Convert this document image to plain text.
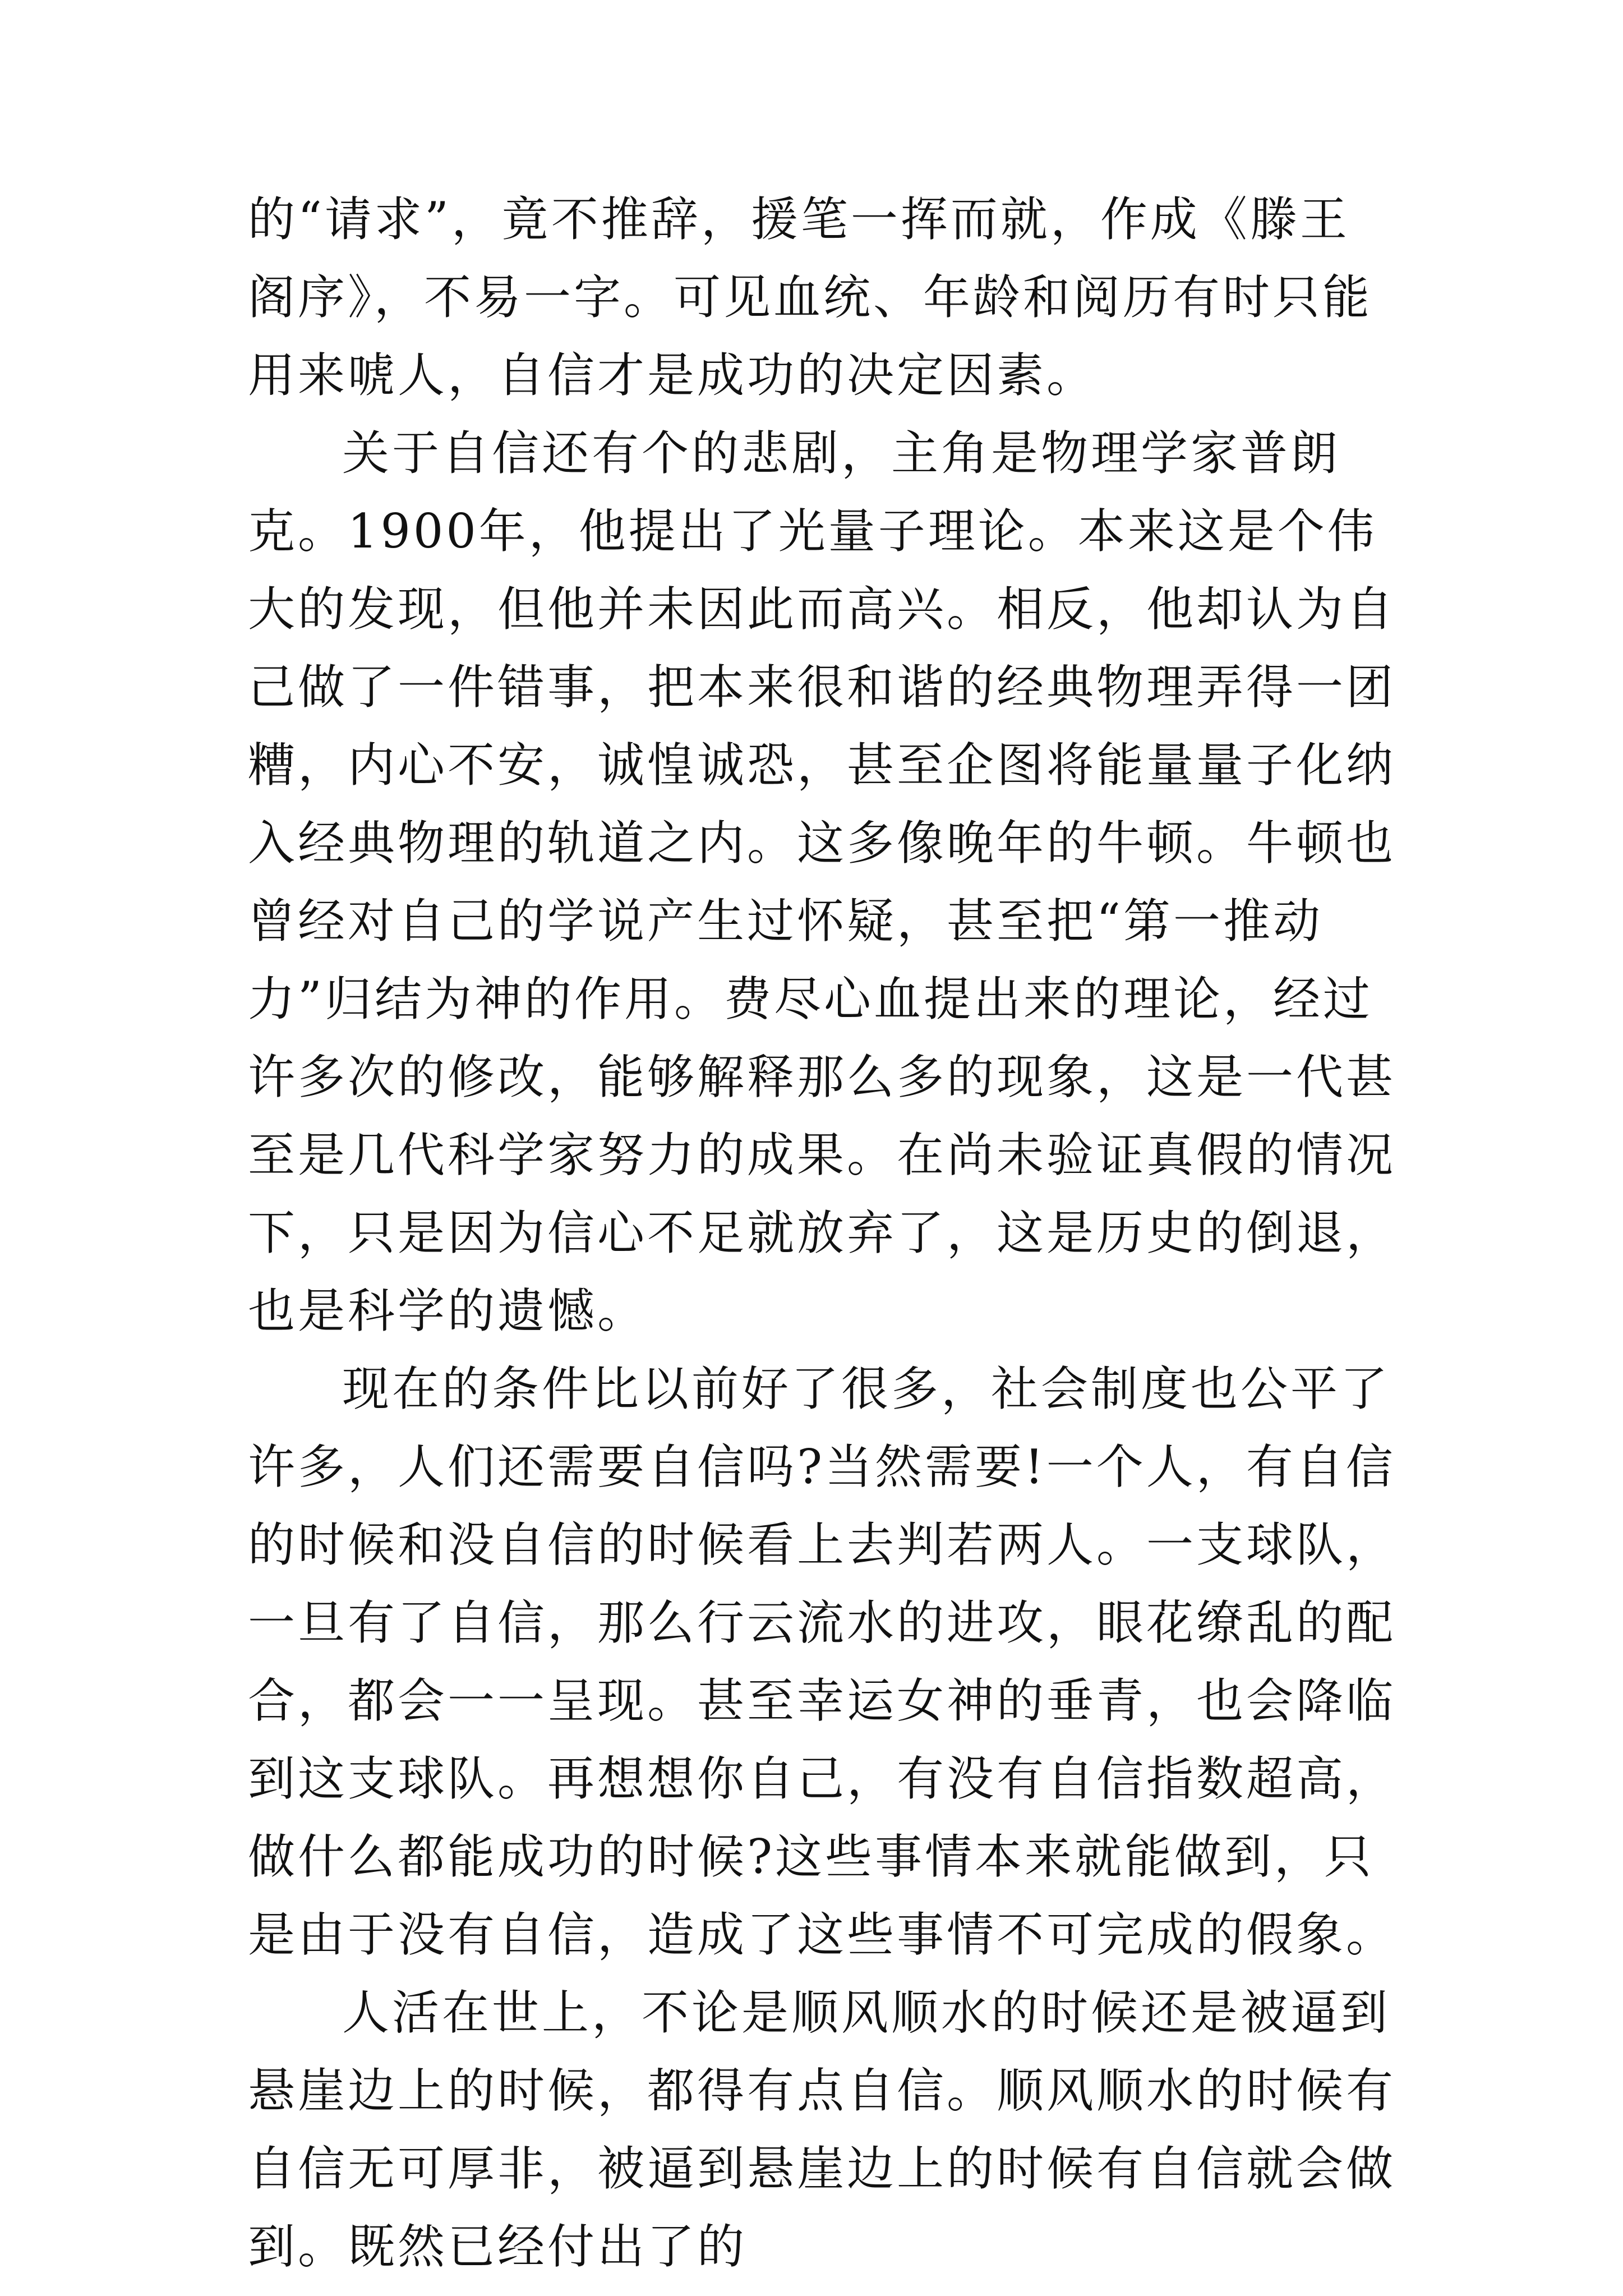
的“请求”，竟不推辞，援笔一挥而就，作成《滕王阁序》，不易一字。可见血统、年龄和阅历有时只能用来唬人，自信才是成功的决定因素。

关于自信还有个的悲剧，主角是物理学家普朗克。1900年，他提出了光量子理论。本来这是个伟大的发现，但他并未因此而高兴。相反，他却认为自己做了一件错事，把本来很和谐的经典物理弄得一团糟，内心不安，诚惶诚恐，甚至企图将能量量子化纳入经典物理的轨道之内。这多像晚年的牛顿。牛顿也曾经对自己的学说产生过怀疑，甚至把“第一推动力”归结为神的作用。费尽心血提出来的理论，经过许多次的修改，能够解释那么多的现象，这是一代甚至是几代科学家努力的成果。在尚未验证真假的情况下，只是因为信心不足就放弃了，这是历史的倒退，也是科学的遗憾。

现在的条件比以前好了很多，社会制度也公平了许多，人们还需要自信吗?当然需要!一个人，有自信的时候和没自信的时候看上去判若两人。一支球队，一旦有了自信，那么行云流水的进攻，眼花缭乱的配合，都会一一呈现。甚至幸运女神的垂青，也会降临到这支球队。再想想你自己，有没有自信指数超高，做什么都能成功的时候?这些事情本来就能做到，只是由于没有自信，造成了这些事情不可完成的假象。

人活在世上，不论是顺风顺水的时候还是被逼到悬崖边上的时候，都得有点自信。顺风顺水的时候有自信无可厚非，被逼到悬崖边上的时候有自信就会做到。既然已经付出了的
